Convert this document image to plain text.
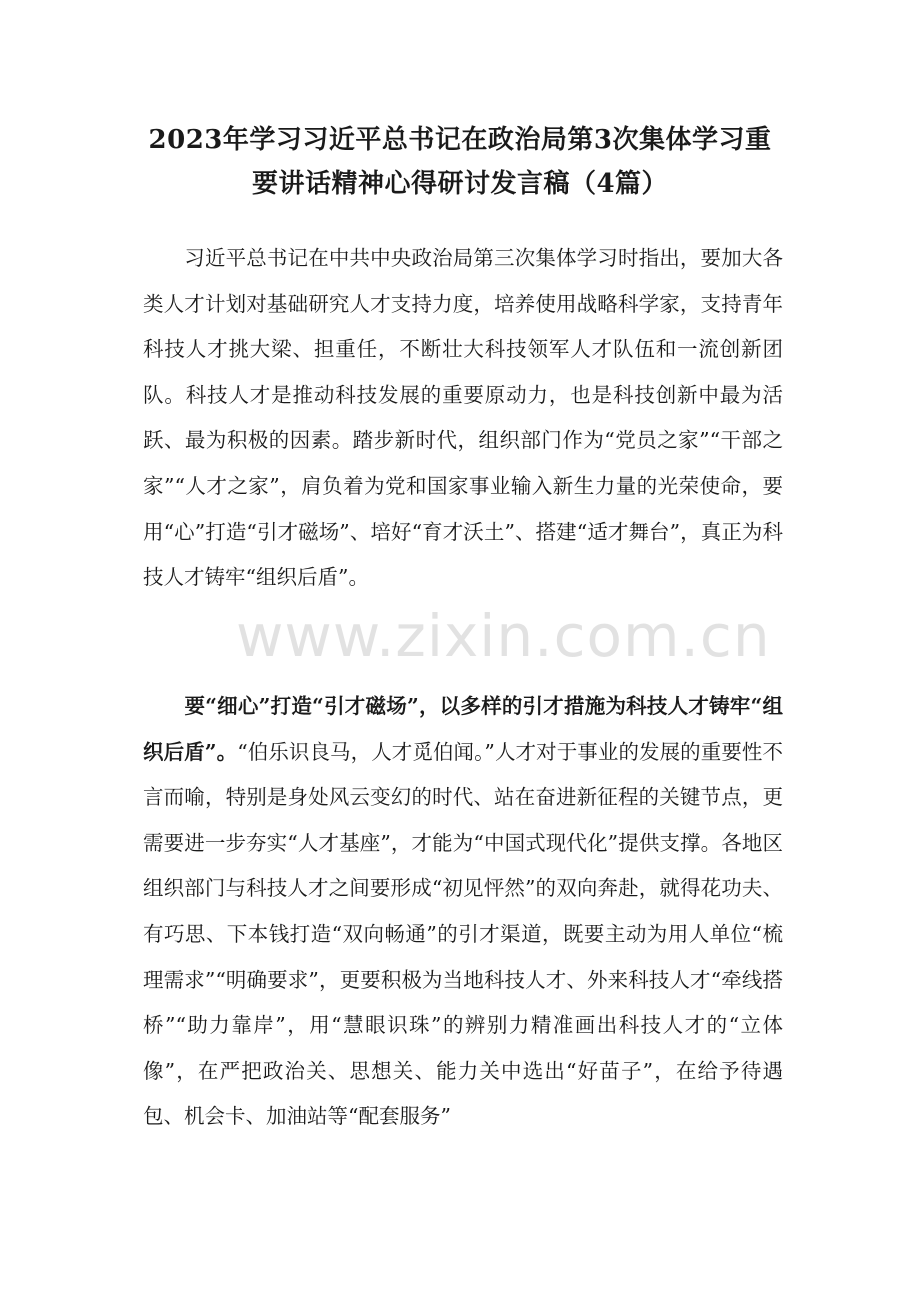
2023年学习习近平总书记在政治局第3次集体学习重
要讲话精神心得研讨发言稿（4篇）
　　习近平总书记在中共中央政治局第三次集体学习时指出，要加大各类人才计划对基础研究人才支持力度，培养使用战略科学家，支持青年科技人才挑大梁、担重任，不断壮大科技领军人才队伍和一流创新团队。科技人才是推动科技发展的重要原动力，也是科技创新中最为活跃、最为积极的因素。踏步新时代，组织部门作为“党员之家”“干部之家”“人才之家”，肩负着为党和国家事业输入新生力量的光荣使命，要用“心”打造“引才磁场”、培好“育才沃土”、搭建“适才舞台”，真正为科技人才铸牢“组织后盾”。
　　要“细心”打造“引才磁场”，以多样的引才措施为科技人才铸牢“组织后盾”。“伯乐识良马，人才觅伯闻。”人才对于事业的发展的重要性不言而喻，特别是身处风云变幻的时代、站在奋进新征程的关键节点，更需要进一步夯实“人才基座”，才能为“中国式现代化”提供支撑。各地区组织部门与科技人才之间要形成“初见怦然”的双向奔赴，就得花功夫、有巧思、下本钱打造“双向畅通”的引才渠道，既要主动为用人单位“梳理需求”“明确要求”，更要积极为当地科技人才、外来科技人才“牵线搭桥”“助力靠岸”，用“慧眼识珠”的辨别力精准画出科技人才的“立体像”，在严把政治关、思想关、能力关中选出“好苗子”，在给予待遇包、机会卡、加油站等“配套服务”
www.zixin.com.cn
